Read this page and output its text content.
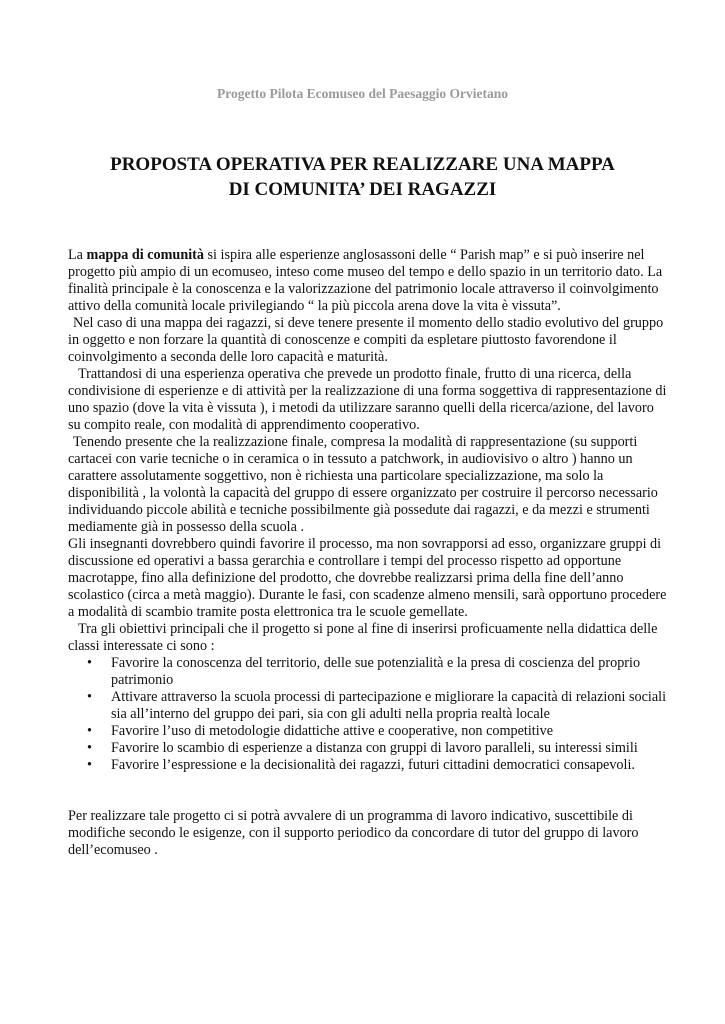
Progetto Pilota Ecomuseo del Paesaggio Orvietano
PROPOSTA OPERATIVA PER REALIZZARE UNA MAPPA
DI COMUNITA’ DEI RAGAZZI

La mappa di comunità si ispira alle esperienze anglosassoni delle “ Parish map” e si può inserire nel progetto più ampio di un ecomuseo, inteso come museo del tempo e dello spazio in un territorio dato. La finalità principale è la conoscenza e la valorizzazione del patrimonio locale attraverso il coinvolgimento attivo della comunità locale privilegiando “ la più piccola arena dove la vita è vissuta”.

Nel caso di una mappa dei ragazzi, si deve tenere presente il momento dello stadio evolutivo del gruppo in oggetto e non forzare la quantità di conoscenze e compiti da espletare piuttosto favorendone il coinvolgimento a seconda delle loro capacità e maturità.

Trattandosi di una esperienza operativa che prevede un prodotto finale, frutto di una ricerca, della condivisione di esperienze e di attività per la realizzazione di una forma soggettiva di rappresentazione di uno spazio (dove la vita è vissuta ), i metodi da utilizzare saranno quelli della ricerca/azione, del lavoro su compito reale, con modalità di apprendimento cooperativo.

Tenendo presente che la realizzazione finale, compresa la modalità di rappresentazione (su supporti cartacei con varie tecniche o in ceramica o in tessuto a patchwork, in audiovisivo o altro ) hanno un carattere assolutamente soggettivo, non è richiesta una particolare specializzazione, ma solo la disponibilità , la volontà la capacità del gruppo di essere organizzato per costruire il percorso necessario individuando piccole abilità e tecniche possibilmente già possedute dai ragazzi, e da mezzi e strumenti mediamente già in possesso della scuola .

Gli insegnanti dovrebbero quindi favorire il processo, ma non sovrapporsi ad esso, organizzare gruppi di discussione ed operativi a bassa gerarchia e controllare i tempi del processo rispetto ad opportune macrotappe, fino alla definizione del prodotto, che dovrebbe realizzarsi prima della fine dell’anno scolastico (circa a metà maggio). Durante le fasi, con scadenze almeno mensili, sarà opportuno procedere a modalità di scambio tramite posta elettronica tra le scuole gemellate.

Tra gli obiettivi principali che il progetto si pone al fine di inserirsi proficuamente nella didattica delle classi interessate ci sono :

• Favorire la conoscenza del territorio, delle sue potenzialità e la presa di coscienza del proprio patrimonio
• Attivare attraverso la scuola processi di partecipazione e migliorare la capacità di relazioni sociali sia all’interno del gruppo dei pari, sia con gli adulti nella propria realtà locale
• Favorire l’uso di metodologie didattiche attive e cooperative, non competitive
• Favorire lo scambio di esperienze a distanza con gruppi di lavoro paralleli, su interessi simili
• Favorire l’espressione e la decisionalità dei ragazzi, futuri cittadini democratici consapevoli.

Per realizzare tale progetto ci si potrà avvalere di un programma di lavoro indicativo, suscettibile di modifiche secondo le esigenze, con il supporto periodico da concordare di tutor del gruppo di lavoro dell’ecomuseo .
